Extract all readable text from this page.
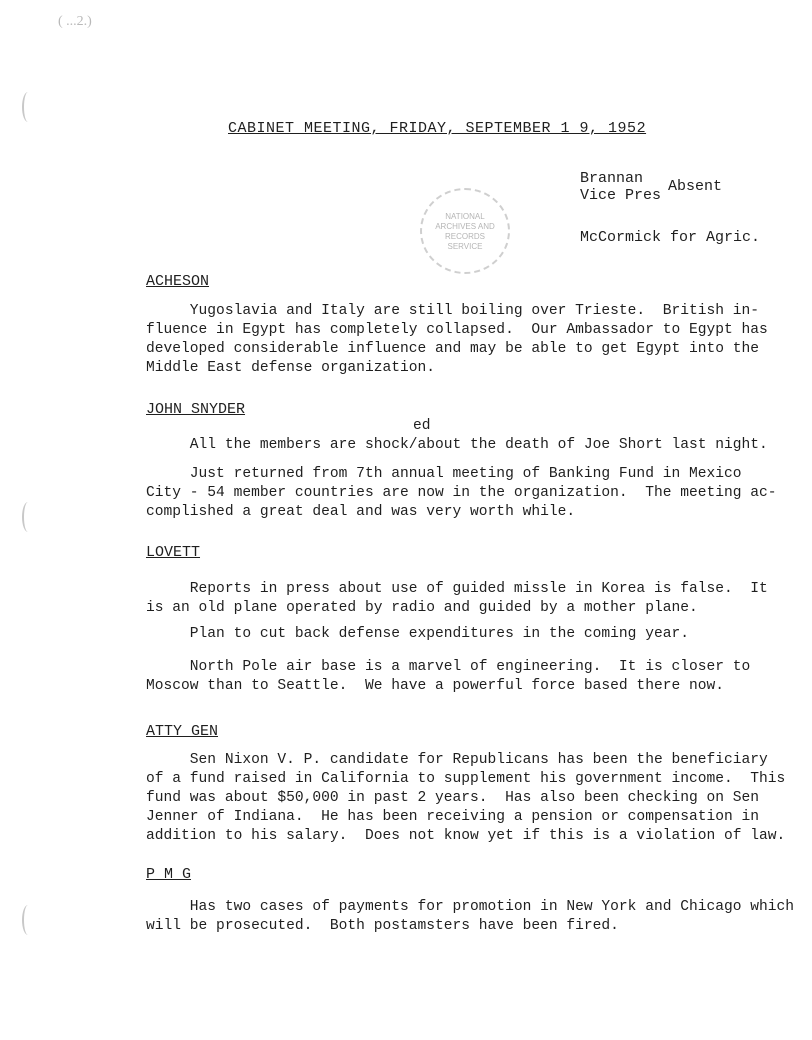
( ...2.)
CABINET MEETING, FRIDAY, SEPTEMBER 1 9, 1952
Brannan
Vice Pres
Absent
McCormick for Agric.
NATIONAL
ARCHIVES AND
RECORDS
SERVICE
ACHESON
Yugoslavia and Italy are still boiling over Trieste.  British in-
fluence in Egypt has completely collapsed.  Our Ambassador to Egypt has
developed considerable influence and may be able to get Egypt into the
Middle East defense organization.
JOHN SNYDER
ed
All the members are shock/about the death of Joe Short last night.
Just returned from 7th annual meeting of Banking Fund in Mexico
City - 54 member countries are now in the organization.  The meeting ac-
complished a great deal and was very worth while.
LOVETT
Reports in press about use of guided missle in Korea is false.  It
is an old plane operated by radio and guided by a mother plane.
Plan to cut back defense expenditures in the coming year.
North Pole air base is a marvel of engineering.  It is closer to
Moscow than to Seattle.  We have a powerful force based there now.
ATTY GEN
Sen Nixon V. P. candidate for Republicans has been the beneficiary
of a fund raised in California to supplement his government income.  This
fund was about $50,000 in past 2 years.  Has also been checking on Sen
Jenner of Indiana.  He has been receiving a pension or compensation in
addition to his salary.  Does not know yet if this is a violation of law.
P M G
Has two cases of payments for promotion in New York and Chicago which
will be prosecuted.  Both postamsters have been fired.
